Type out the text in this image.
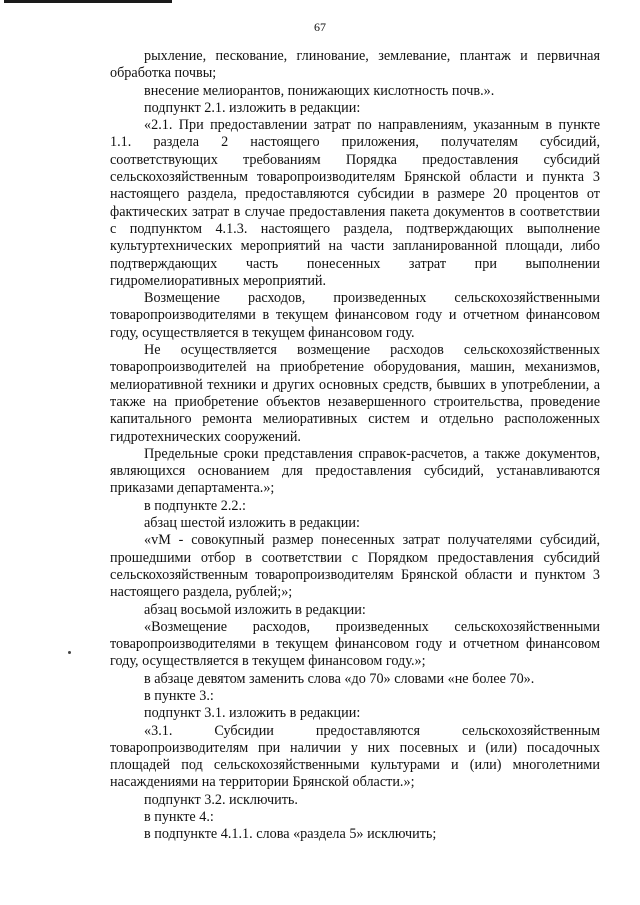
67

рыхление, пескование, глинование, землевание, плантаж и первичная обработка почвы;

внесение мелиорантов, понижающих кислотность почв.».

подпункт 2.1. изложить в редакции:

«2.1. При предоставлении затрат по направлениям, указанным в пункте 1.1. раздела 2 настоящего приложения, получателям субсидий, соответствующих требованиям Порядка предоставления субсидий сельскохозяйственным товаропроизводителям Брянской области и пункта 3 настоящего раздела, предоставляются субсидии в размере 20 процентов от фактических затрат в случае предоставления пакета документов в соответствии с подпунктом 4.1.3. настоящего раздела, подтверждающих выполнение культуртехнических мероприятий на части запланированной площади, либо подтверждающих часть понесенных затрат при выполнении гидромелиоративных мероприятий.

Возмещение расходов, произведенных сельскохозяйственными товаропроизводителями в текущем финансовом году и отчетном финансовом году, осуществляется в текущем финансовом году.

Не осуществляется возмещение расходов сельскохозяйственных товаропроизводителей на приобретение оборудования, машин, механизмов, мелиоративной техники и других основных средств, бывших в употреблении, а также на приобретение объектов незавершенного строительства, проведение капитального ремонта мелиоративных систем и отдельно расположенных гидротехнических сооружений.

Предельные сроки представления справок-расчетов, а также документов, являющихся основанием для предоставления субсидий, устанавливаются приказами департамента.»;

в подпункте 2.2.:

абзац шестой изложить в редакции:

«vМ - совокупный размер понесенных затрат получателями субсидий, прошедшими отбор в соответствии с Порядком предоставления субсидий сельскохозяйственным товаропроизводителям Брянской области и пунктом 3 настоящего раздела, рублей;»;

абзац восьмой изложить в редакции:

«Возмещение расходов, произведенных сельскохозяйственными товаропроизводителями в текущем финансовом году и отчетном финансовом году, осуществляется в текущем финансовом году.»;

в абзаце девятом заменить слова «до 70» словами «не более 70».

в пункте 3.:

подпункт 3.1. изложить в редакции:

«3.1. Субсидии предоставляются сельскохозяйственным товаропроизводителям при наличии у них посевных и (или) посадочных площадей под сельскохозяйственными культурами и (или) многолетними насаждениями на территории Брянской области.»;

подпункт 3.2. исключить.

в пункте 4.:

в подпункте 4.1.1. слова «раздела 5» исключить;
